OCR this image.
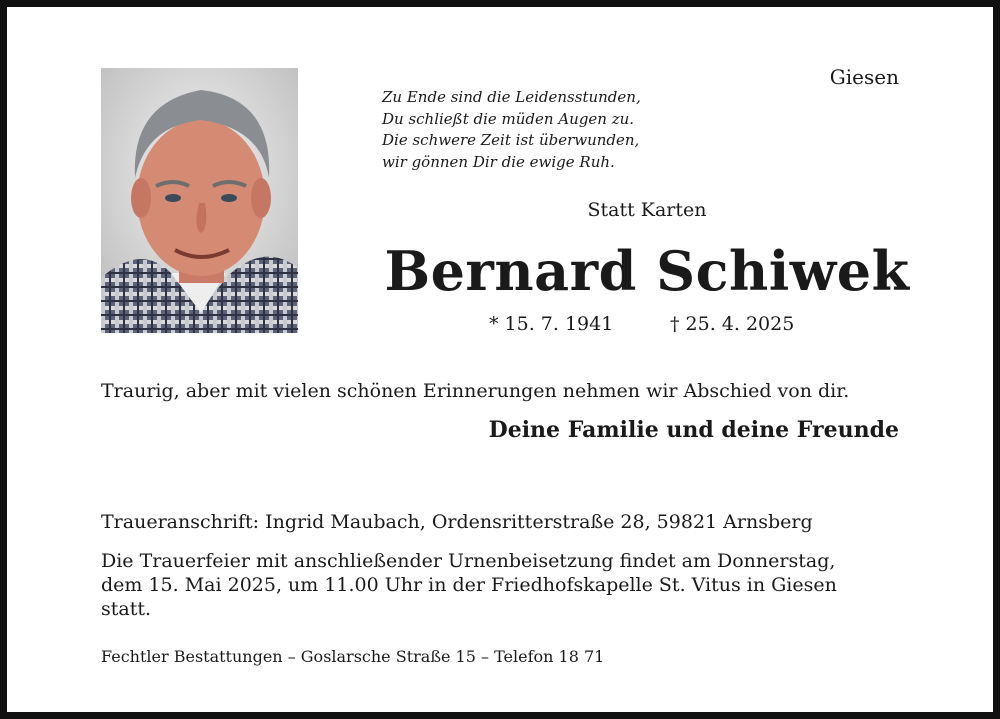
Giesen
Zu Ende sind die Leidensstunden,
Du schließt die müden Augen zu.
Die schwere Zeit ist überwunden,
wir gönnen Dir die ewige Ruh.
Statt Karten
Bernard Schiwek
* 15. 7. 1941	† 25. 4. 2025
Traurig, aber mit vielen schönen Erinnerungen nehmen wir Abschied von dir.
Deine Familie und deine Freunde
Traueranschrift: Ingrid Maubach, Ordensritterstraße 28, 59821 Arnsberg
Die Trauerfeier mit anschließender Urnenbeisetzung findet am Donnerstag,
dem 15. Mai 2025, um 11.00 Uhr in der Friedhofskapelle St. Vitus in Giesen
statt.
Fechtler Bestattungen – Goslarsche Straße 15 – Telefon 18 71
